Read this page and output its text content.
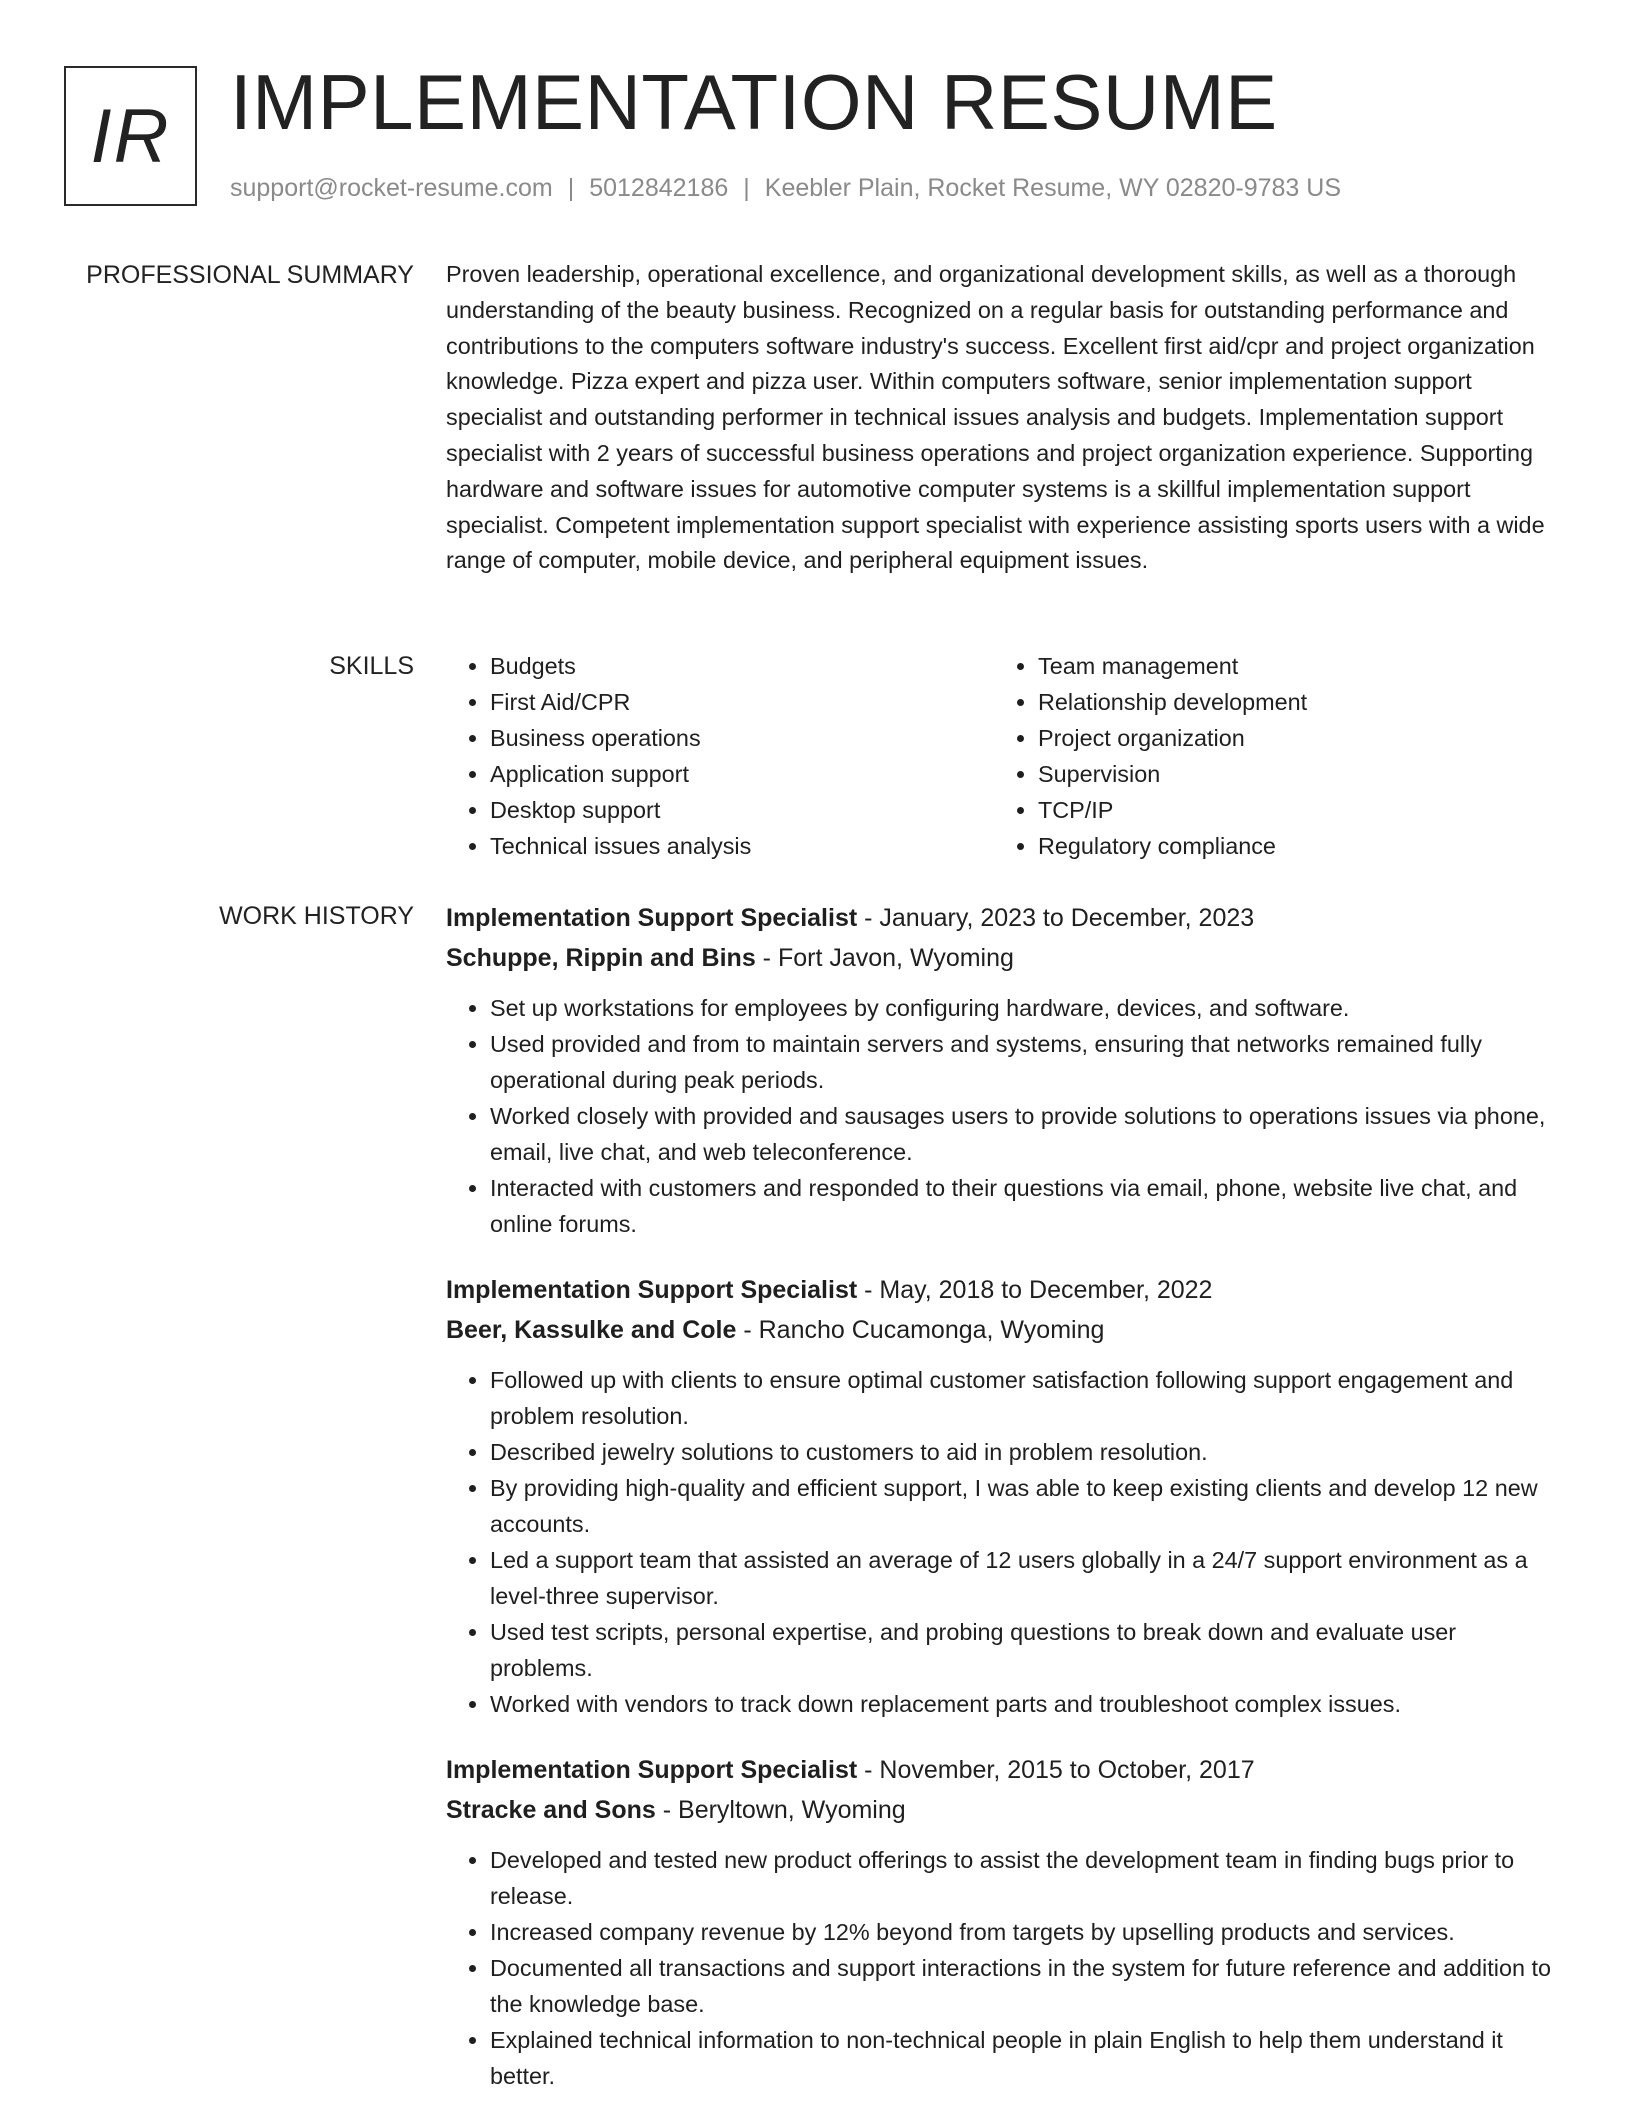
IR IMPLEMENTATION RESUME
support@rocket-resume.com | 5012842186 | Keebler Plain, Rocket Resume, WY 02820-9783 US
PROFESSIONAL SUMMARY Proven leadership, operational excellence, and organizational development skills, as well as a thorough understanding of the beauty business. Recognized on a regular basis for outstanding performance and contributions to the computers software industry's success. Excellent first aid/cpr and project organization knowledge. Pizza expert and pizza user. Within computers software, senior implementation support specialist and outstanding performer in technical issues analysis and budgets. Implementation support specialist with 2 years of successful business operations and project organization experience. Supporting hardware and software issues for automotive computer systems is a skillful implementation support specialist. Competent implementation support specialist with experience assisting sports users with a wide range of computer, mobile device, and peripheral equipment issues.

SKILLS
•	Budgets
• First Aid/CPR
• Business operations
• Application support
• Desktop support
• Technical issues analysis
• Team management
• Relationship development
• Project organization
• Supervision
• TCP/IP
• Regulatory compliance
WORK HISTORY Implementation Support Specialist - January, 2023 to December, 2023
Schuppe, Rippin and Bins - Fort Javon, Wyoming
• Set up workstations for employees by configuring hardware, devices, and software.
• Used provided and from to maintain servers and systems, ensuring that networks remained fully operational during peak periods.
• Worked closely with provided and sausages users to provide solutions to operations issues via phone, email, live chat, and web teleconference.
• Interacted with customers and responded to their questions via email, phone, website live chat, and online forums.
Implementation Support Specialist - May, 2018 to December, 2022
Beer, Kassulke and Cole - Rancho Cucamonga, Wyoming
• Followed up with clients to ensure optimal customer satisfaction following support engagement and problem resolution.
• Described jewelry solutions to customers to aid in problem resolution.
• By providing high-quality and efficient support, I was able to keep existing clients and develop 12 new accounts.
• Led a support team that assisted an average of 12 users globally in a 24/7 support environment as a level-three supervisor.
• Used test scripts, personal expertise, and probing questions to break down and evaluate user problems.
• Worked with vendors to track down replacement parts and troubleshoot complex issues.
Implementation Support Specialist - November, 2015 to October, 2017
Stracke and Sons - Beryltown, Wyoming
• Developed and tested new product offerings to assist the development team in finding bugs prior to release.
• Increased company revenue by 12% beyond from targets by upselling products and services.
• Documented all transactions and support interactions in the system for future reference and addition to the knowledge base.
• Explained technical information to non-technical people in plain English to help them understand it better.
